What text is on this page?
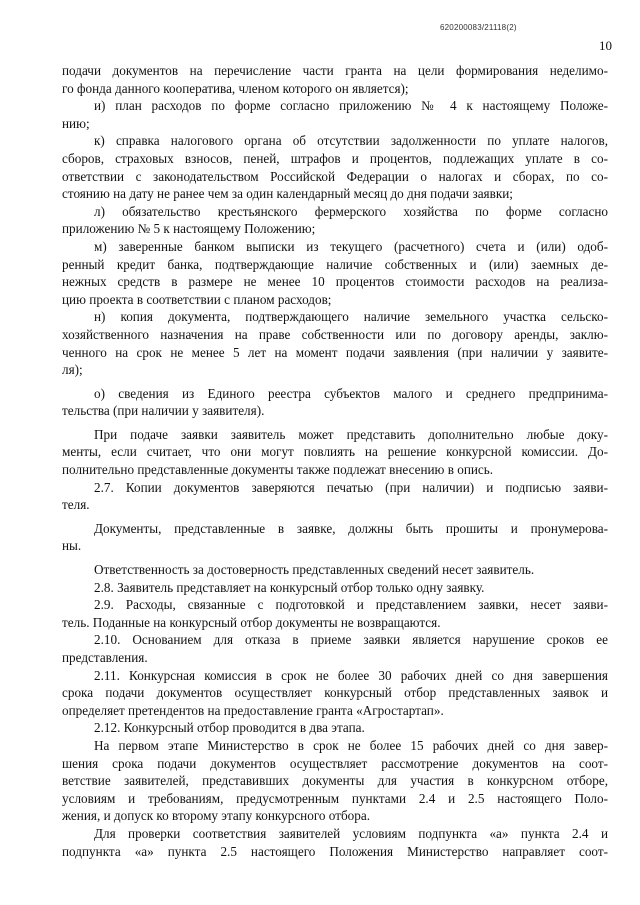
620200083/21118(2)
10
подачи документов на перечисление части гранта на цели формирования неделимо-
го фонда данного кооператива, членом которого он является);
и) план расходов по форме согласно приложению № 4 к настоящему Положе-
нию;
к) справка налогового органа об отсутствии задолженности по уплате налогов,
сборов, страховых взносов, пеней, штрафов и процентов, подлежащих уплате в со-
ответствии с законодательством Российской Федерации о налогах и сборах, по со-
стоянию на дату не ранее чем за один календарный месяц до дня подачи заявки;
л) обязательство крестьянского фермерского хозяйства по форме согласно
приложению № 5 к настоящему Положению;
м) заверенные банком выписки из текущего (расчетного) счета и (или) одоб-
ренный кредит банка, подтверждающие наличие собственных и (или) заемных де-
нежных средств в размере не менее 10 процентов стоимости расходов на реализа-
цию проекта в соответствии с планом расходов;
н) копия документа, подтверждающего наличие земельного участка сельско-
хозяйственного назначения на праве собственности или по договору аренды, заклю-
ченного на срок не менее 5 лет на момент подачи заявления (при наличии у заявите-
ля);
о) сведения из Единого реестра субъектов малого и среднего предпринима-
тельства (при наличии у заявителя).
При подаче заявки заявитель может представить дополнительно любые доку-
менты, если считает, что они могут повлиять на решение конкурсной комиссии. До-
полнительно представленные документы также подлежат внесению в опись.
2.7. Копии документов заверяются печатью (при наличии) и подписью заяви-
теля.
Документы, представленные в заявке, должны быть прошиты и пронумерова-
ны.
Ответственность за достоверность представленных сведений несет заявитель.
2.8. Заявитель представляет на конкурсный отбор только одну заявку.
2.9. Расходы, связанные с подготовкой и представлением заявки, несет заяви-
тель. Поданные на конкурсный отбор документы не возвращаются.
2.10. Основанием для отказа в приеме заявки является нарушение сроков ее
представления.
2.11. Конкурсная комиссия в срок не более 30 рабочих дней со дня завершения
срока подачи документов осуществляет конкурсный отбор представленных заявок и
определяет претендентов на предоставление гранта «Агростартап».
2.12. Конкурсный отбор проводится в два этапа.
На первом этапе Министерство в срок не более 15 рабочих дней со дня завер-
шения срока подачи документов осуществляет рассмотрение документов на соот-
ветствие заявителей, представивших документы для участия в конкурсном отборе,
условиям и требованиям, предусмотренным пунктами 2.4 и 2.5 настоящего Поло-
жения, и допуск ко второму этапу конкурсного отбора.
Для проверки соответствия заявителей условиям подпункта «а» пункта 2.4 и
подпункта «а» пункта 2.5 настоящего Положения Министерство направляет соот-
